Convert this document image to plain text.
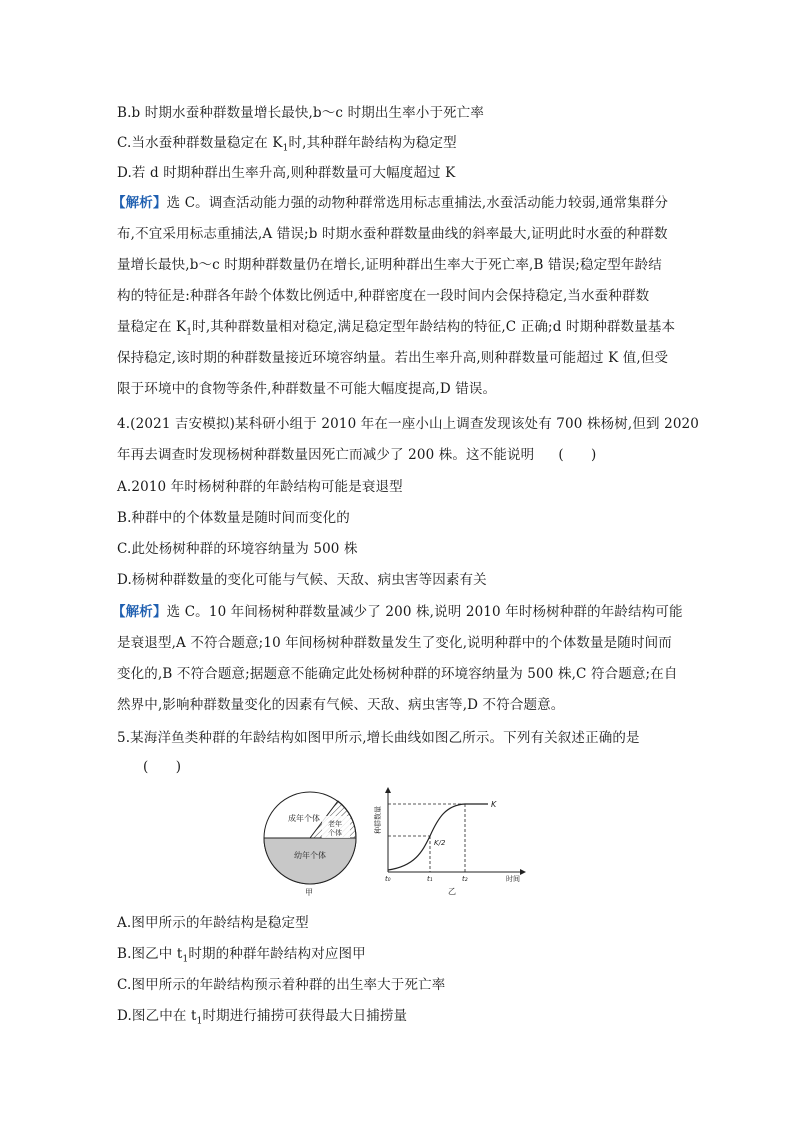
B.b 时期水蚕种群数量增长最快,b～c 时期出生率小于死亡率
C.当水蚕种群数量稳定在 $K_1$时,其种群年龄结构为稳定型
D.若 d 时期种群出生率升高,则种群数量可大幅度超过 K
【解析】选 C。调查活动能力强的动物种群常选用标志重捕法,水蚕活动能力较弱,通常集群分
布,不宜采用标志重捕法,A 错误;b 时期水蚕种群数量曲线的斜率最大,证明此时水蚕的种群数
量增长最快,b～c 时期种群数量仍在增长,证明种群出生率大于死亡率,B 错误;稳定型年龄结
构的特征是:种群各年龄个体数比例适中,种群密度在一段时间内会保持稳定,当水蚕种群数
量稳定在 $K_1$时,其种群数量相对稳定,满足稳定型年龄结构的特征,C 正确;d 时期种群数量基本
保持稳定,该时期的种群数量接近环境容纳量。若出生率升高,则种群数量可能超过 K 值,但受
限于环境中的食物等条件,种群数量不可能大幅度提高,D 错误。
4.(2021 吉安模拟)某科研小组于 2010 年在一座小山上调查发现该处有 700 株杨树,但到 2020
年再去调查时发现杨树种群数量因死亡而减少了 200 株。这不能说明 (　　)
A.2010 年时杨树种群的年龄结构可能是衰退型
B.种群中的个体数量是随时间而变化的
C.此处杨树种群的环境容纳量为 500 株
D.杨树种群数量的变化可能与气候、天敌、病虫害等因素有关
【解析】选 C。10 年间杨树种群数量减少了 200 株,说明 2010 年时杨树种群的年龄结构可能
是衰退型,A 不符合题意;10 年间杨树种群数量发生了变化,说明种群中的个体数量是随时间而
变化的,B 不符合题意;据题意不能确定此处杨树种群的环境容纳量为 500 株,C 符合题意;在自
然界中,影响种群数量变化的因素有气候、天敌、病虫害等,D 不符合题意。
5.某海洋鱼类种群的年龄结构如图甲所示,增长曲线如图乙所示。下列有关叙述正确的是
(　　)
成年个体
老年
个体
幼年个体
甲
K
K/2
t₀	t₁	t₂	时间
种群数量
乙
A.图甲所示的年龄结构是稳定型
B.图乙中 $t_1$时期的种群年龄结构对应图甲
C.图甲所示的年龄结构预示着种群的出生率大于死亡率
D.图乙中在 $t_1$时期进行捕捞可获得最大日捕捞量
